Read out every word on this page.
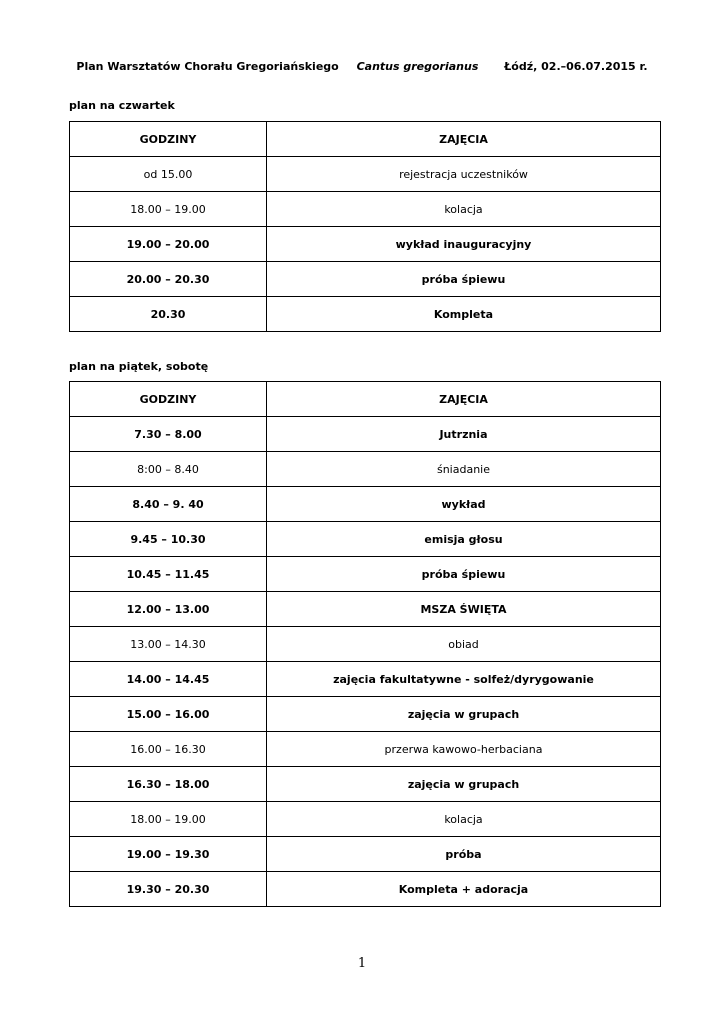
Plan Warsztatów Chorału Gregoriańskiego Cantus gregorianus Łódź, 02.–06.07.2015 r.
plan na czwartek
GODZINY	ZAJĘCIA
od 15.00	rejestracja uczestników
18.00 – 19.00	kolacja
19.00 – 20.00	wykład inauguracyjny
20.00 – 20.30	próba śpiewu
20.30	Kompleta
plan na piątek, sobotę
GODZINY	ZAJĘCIA
7.30 – 8.00	Jutrznia
8:00 – 8.40	śniadanie
8.40 – 9. 40	wykład
9.45 – 10.30	emisja głosu
10.45 – 11.45	próba śpiewu
12.00 – 13.00	MSZA ŚWIĘTA
13.00 – 14.30	obiad
14.00 – 14.45	zajęcia fakultatywne - solfeż/dyrygowanie
15.00 – 16.00	zajęcia w grupach
16.00 – 16.30	przerwa kawowo-herbaciana
16.30 – 18.00	zajęcia w grupach
18.00 – 19.00	kolacja
19.00 – 19.30	próba
19.30 – 20.30	Kompleta + adoracja
1
